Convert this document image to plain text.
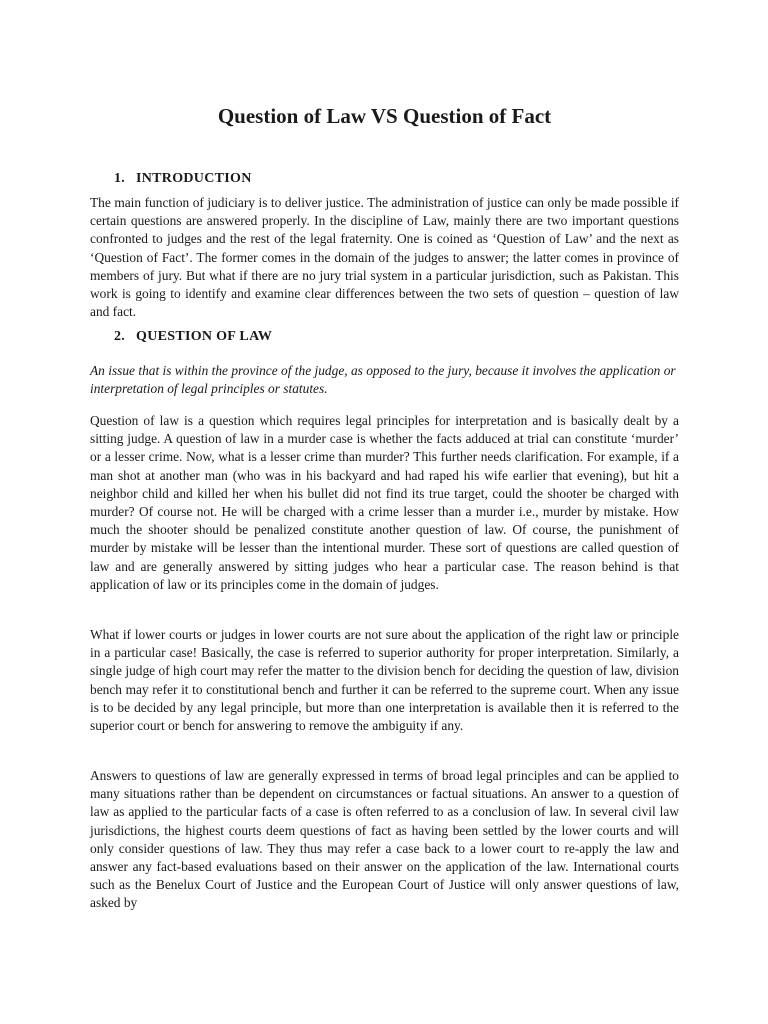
Question of Law VS Question of Fact
1. INTRODUCTION

The main function of judiciary is to deliver justice. The administration of justice can only be made possible if certain questions are answered properly. In the discipline of Law, mainly there are two important questions confronted to judges and the rest of the legal fraternity. One is coined as ‘Question of Law’ and the next as ‘Question of Fact’. The former comes in the domain of the judges to answer; the latter comes in province of members of jury. But what if there are no jury trial system in a particular jurisdiction, such as Pakistan. This work is going to identify and examine clear differences between the two sets of question – question of law and fact.

2. QUESTION OF LAW

An issue that is within the province of the judge, as opposed to the jury, because it involves the application or interpretation of legal principles or statutes.

Question of law is a question which requires legal principles for interpretation and is basically dealt by a sitting judge. A question of law in a murder case is whether the facts adduced at trial can constitute ‘murder’ or a lesser crime. Now, what is a lesser crime than murder? This further needs clarification. For example, if a man shot at another man (who was in his backyard and had raped his wife earlier that evening), but hit a neighbor child and killed her when his bullet did not find its true target, could the shooter be charged with murder? Of course not. He will be charged with a crime lesser than a murder i.e., murder by mistake. How much the shooter should be penalized constitute another question of law. Of course, the punishment of murder by mistake will be lesser than the intentional murder. These sort of questions are called question of law and are generally answered by sitting judges who hear a particular case. The reason behind is that application of law or its principles come in the domain of judges.

What if lower courts or judges in lower courts are not sure about the application of the right law or principle in a particular case! Basically, the case is referred to superior authority for proper interpretation. Similarly, a single judge of high court may refer the matter to the division bench for deciding the question of law, division bench may refer it to constitutional bench and further it can be referred to the supreme court. When any issue is to be decided by any legal principle, but more than one interpretation is available then it is referred to the superior court or bench for answering to remove the ambiguity if any.

Answers to questions of law are generally expressed in terms of broad legal principles and can be applied to many situations rather than be dependent on circumstances or factual situations. An answer to a question of law as applied to the particular facts of a case is often referred to as a conclusion of law. In several civil law jurisdictions, the highest courts deem questions of fact as having been settled by the lower courts and will only consider questions of law. They thus may refer a case back to a lower court to re-apply the law and answer any fact-based evaluations based on their answer on the application of the law. International courts such as the Benelux Court of Justice and the European Court of Justice will only answer questions of law, asked by
